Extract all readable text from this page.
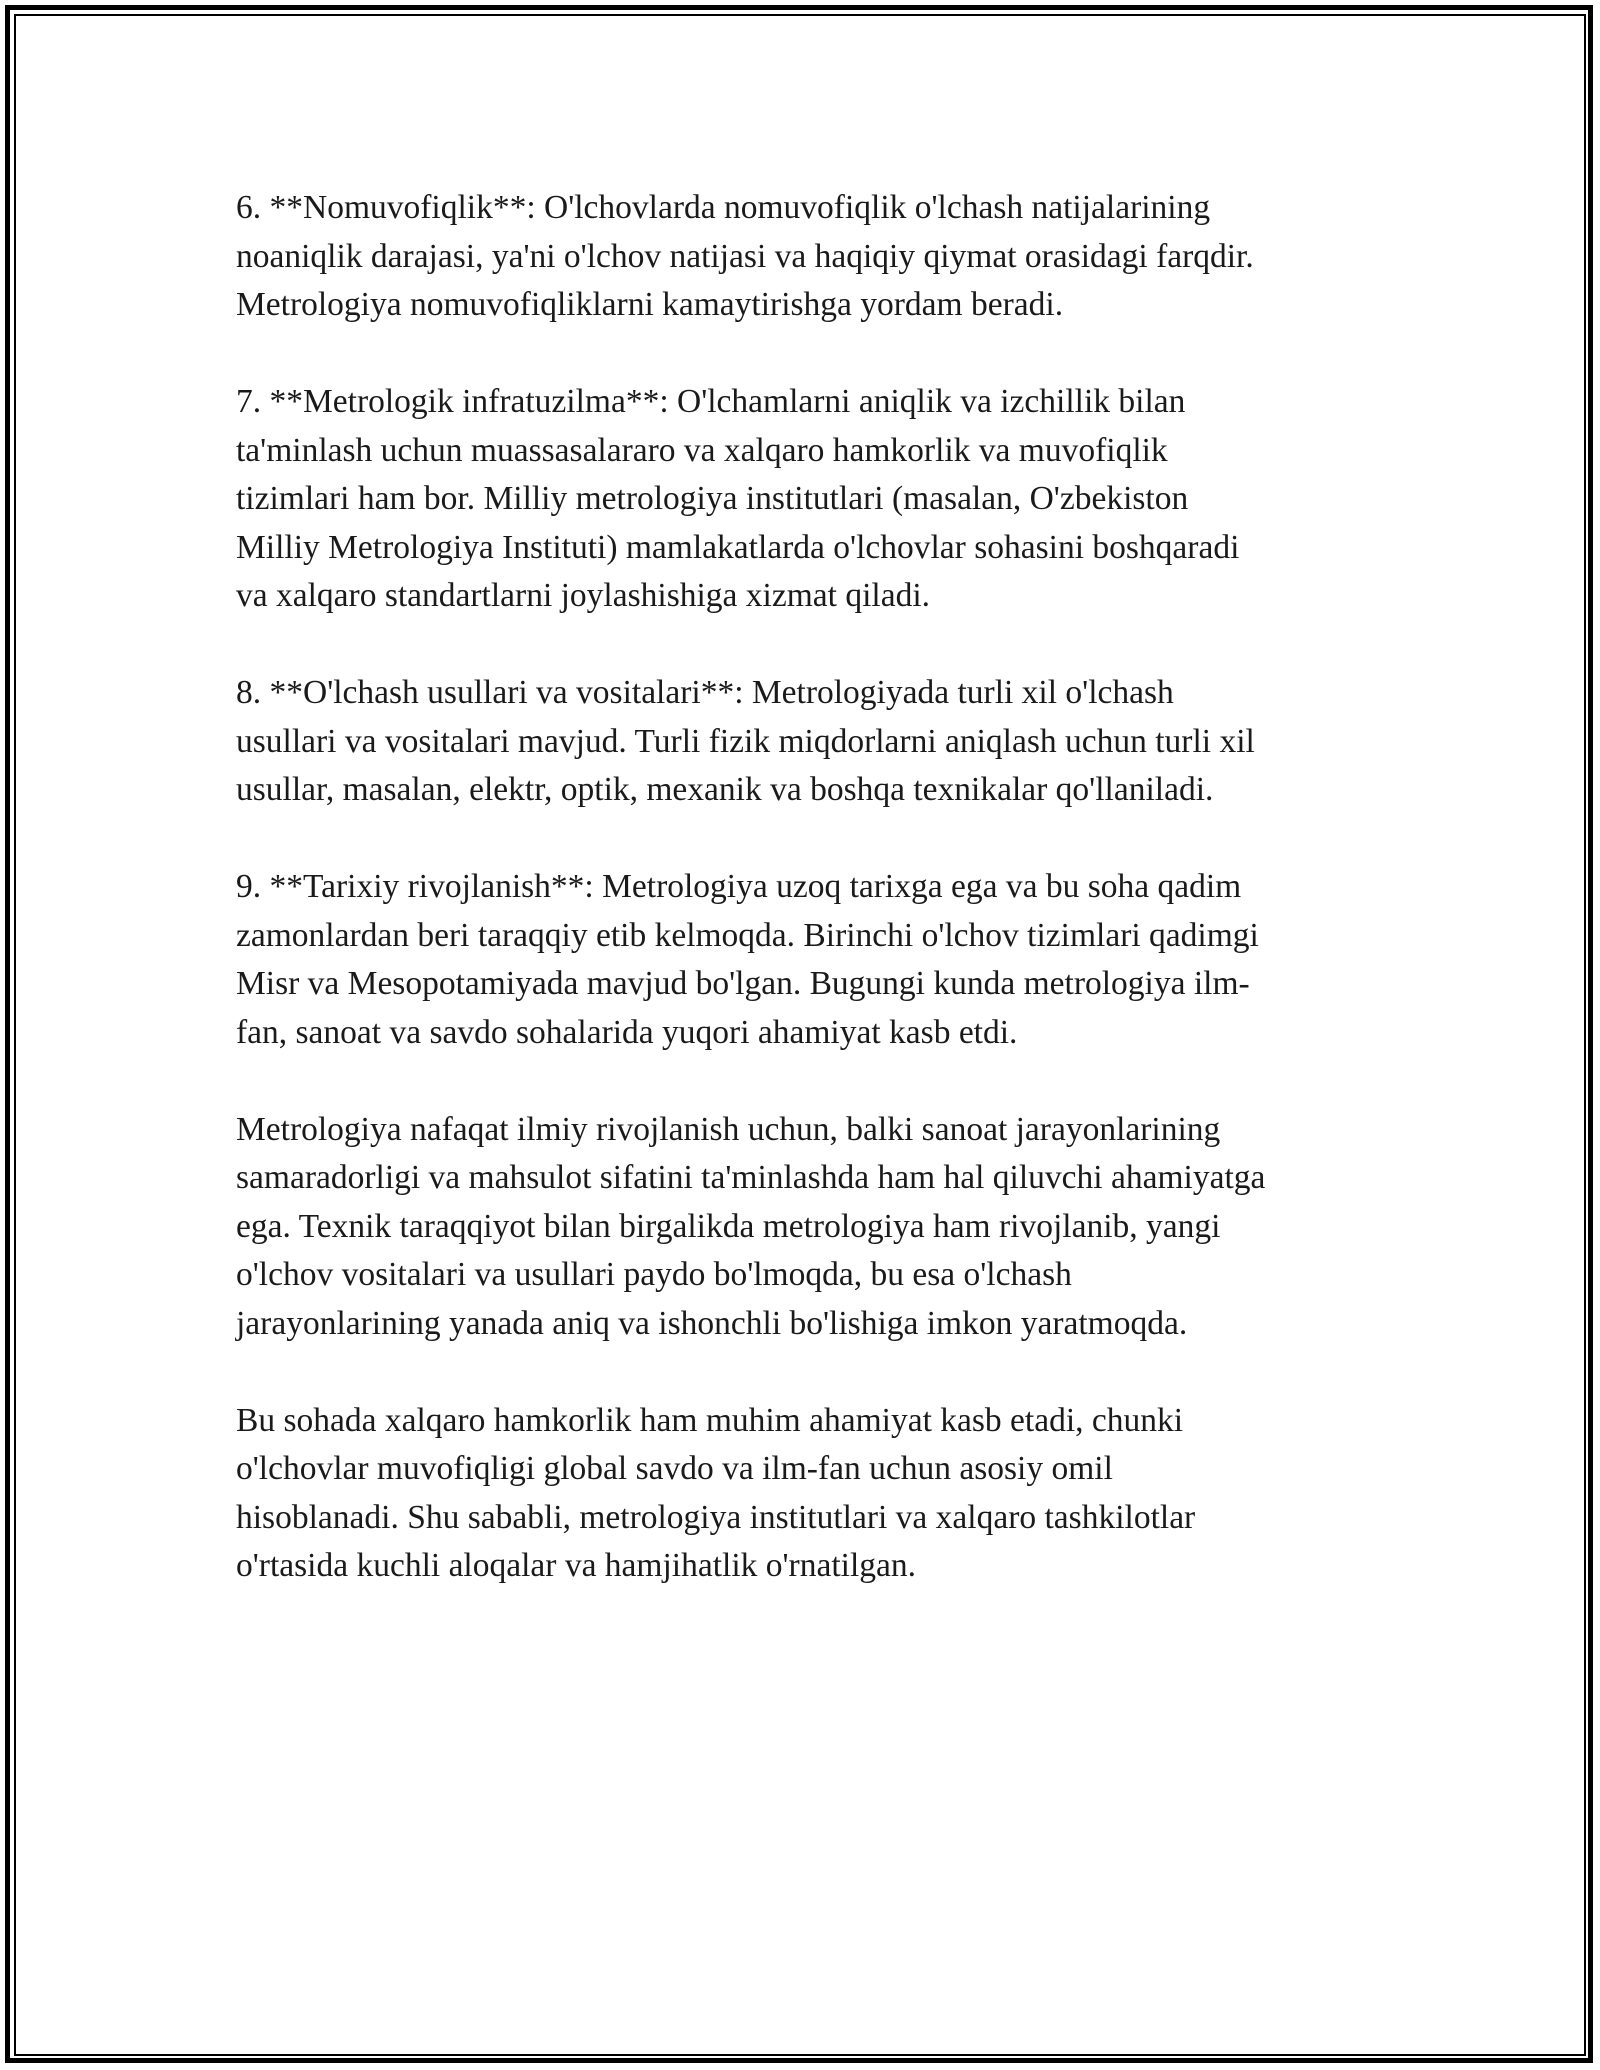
6. **Nomuvofiqlik**: O'lchovlarda nomuvofiqlik o'lchash natijalarining
noaniqlik darajasi, ya'ni o'lchov natijasi va haqiqiy qiymat orasidagi farqdir.
Metrologiya nomuvofiqliklarni kamaytirishga yordam beradi.

7. **Metrologik infratuzilma**: O'lchamlarni aniqlik va izchillik bilan
ta'minlash uchun muassasalararo va xalqaro hamkorlik va muvofiqlik
tizimlari ham bor. Milliy metrologiya institutlari (masalan, O'zbekiston
Milliy Metrologiya Instituti) mamlakatlarda o'lchovlar sohasini boshqaradi
va xalqaro standartlarni joylashishiga xizmat qiladi.

8. **O'lchash usullari va vositalari**: Metrologiyada turli xil o'lchash
usullari va vositalari mavjud. Turli fizik miqdorlarni aniqlash uchun turli xil
usullar, masalan, elektr, optik, mexanik va boshqa texnikalar qo'llaniladi.

9. **Tarixiy rivojlanish**: Metrologiya uzoq tarixga ega va bu soha qadim
zamonlardan beri taraqqiy etib kelmoqda. Birinchi o'lchov tizimlari qadimgi
Misr va Mesopotamiyada mavjud bo'lgan. Bugungi kunda metrologiya ilm-
fan, sanoat va savdo sohalarida yuqori ahamiyat kasb etdi.

Metrologiya nafaqat ilmiy rivojlanish uchun, balki sanoat jarayonlarining
samaradorligi va mahsulot sifatini ta'minlashda ham hal qiluvchi ahamiyatga
ega. Texnik taraqqiyot bilan birgalikda metrologiya ham rivojlanib, yangi
o'lchov vositalari va usullari paydo bo'lmoqda, bu esa o'lchash
jarayonlarining yanada aniq va ishonchli bo'lishiga imkon yaratmoqda.

Bu sohada xalqaro hamkorlik ham muhim ahamiyat kasb etadi, chunki
o'lchovlar muvofiqligi global savdo va ilm-fan uchun asosiy omil
hisoblanadi. Shu sababli, metrologiya institutlari va xalqaro tashkilotlar
o'rtasida kuchli aloqalar va hamjihatlik o'rnatilgan.
